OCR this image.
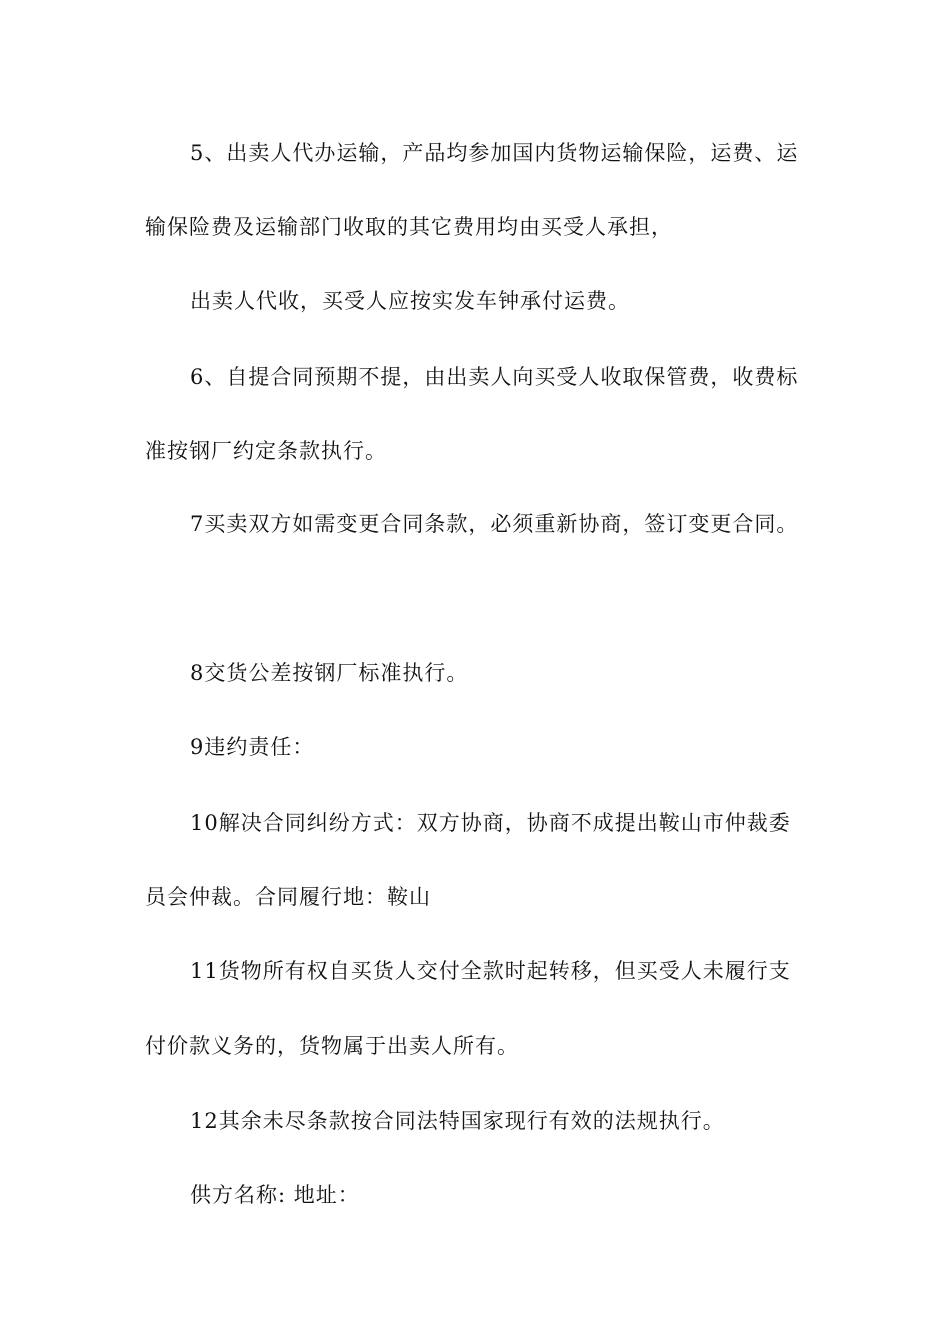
5、出卖人代办运输，产品均参加国内货物运输保险，运费、运
输保险费及运输部门收取的其它费用均由买受人承担，
出卖人代收，买受人应按实发车钟承付运费。
6、自提合同预期不提，由出卖人向买受人收取保管费，收费标
准按钢厂约定条款执行。
7买卖双方如需变更合同条款，必须重新协商，签订变更合同。
8交货公差按钢厂标准执行。
9违约责任：
10解决合同纠纷方式：双方协商，协商不成提出鞍山市仲裁委
员会仲裁。合同履行地：鞍山
11货物所有权自买货人交付全款时起转移，但买受人未履行支
付价款义务的，货物属于出卖人所有。
12其余未尽条款按合同法特国家现行有效的法规执行。
供方名称: 地址：
